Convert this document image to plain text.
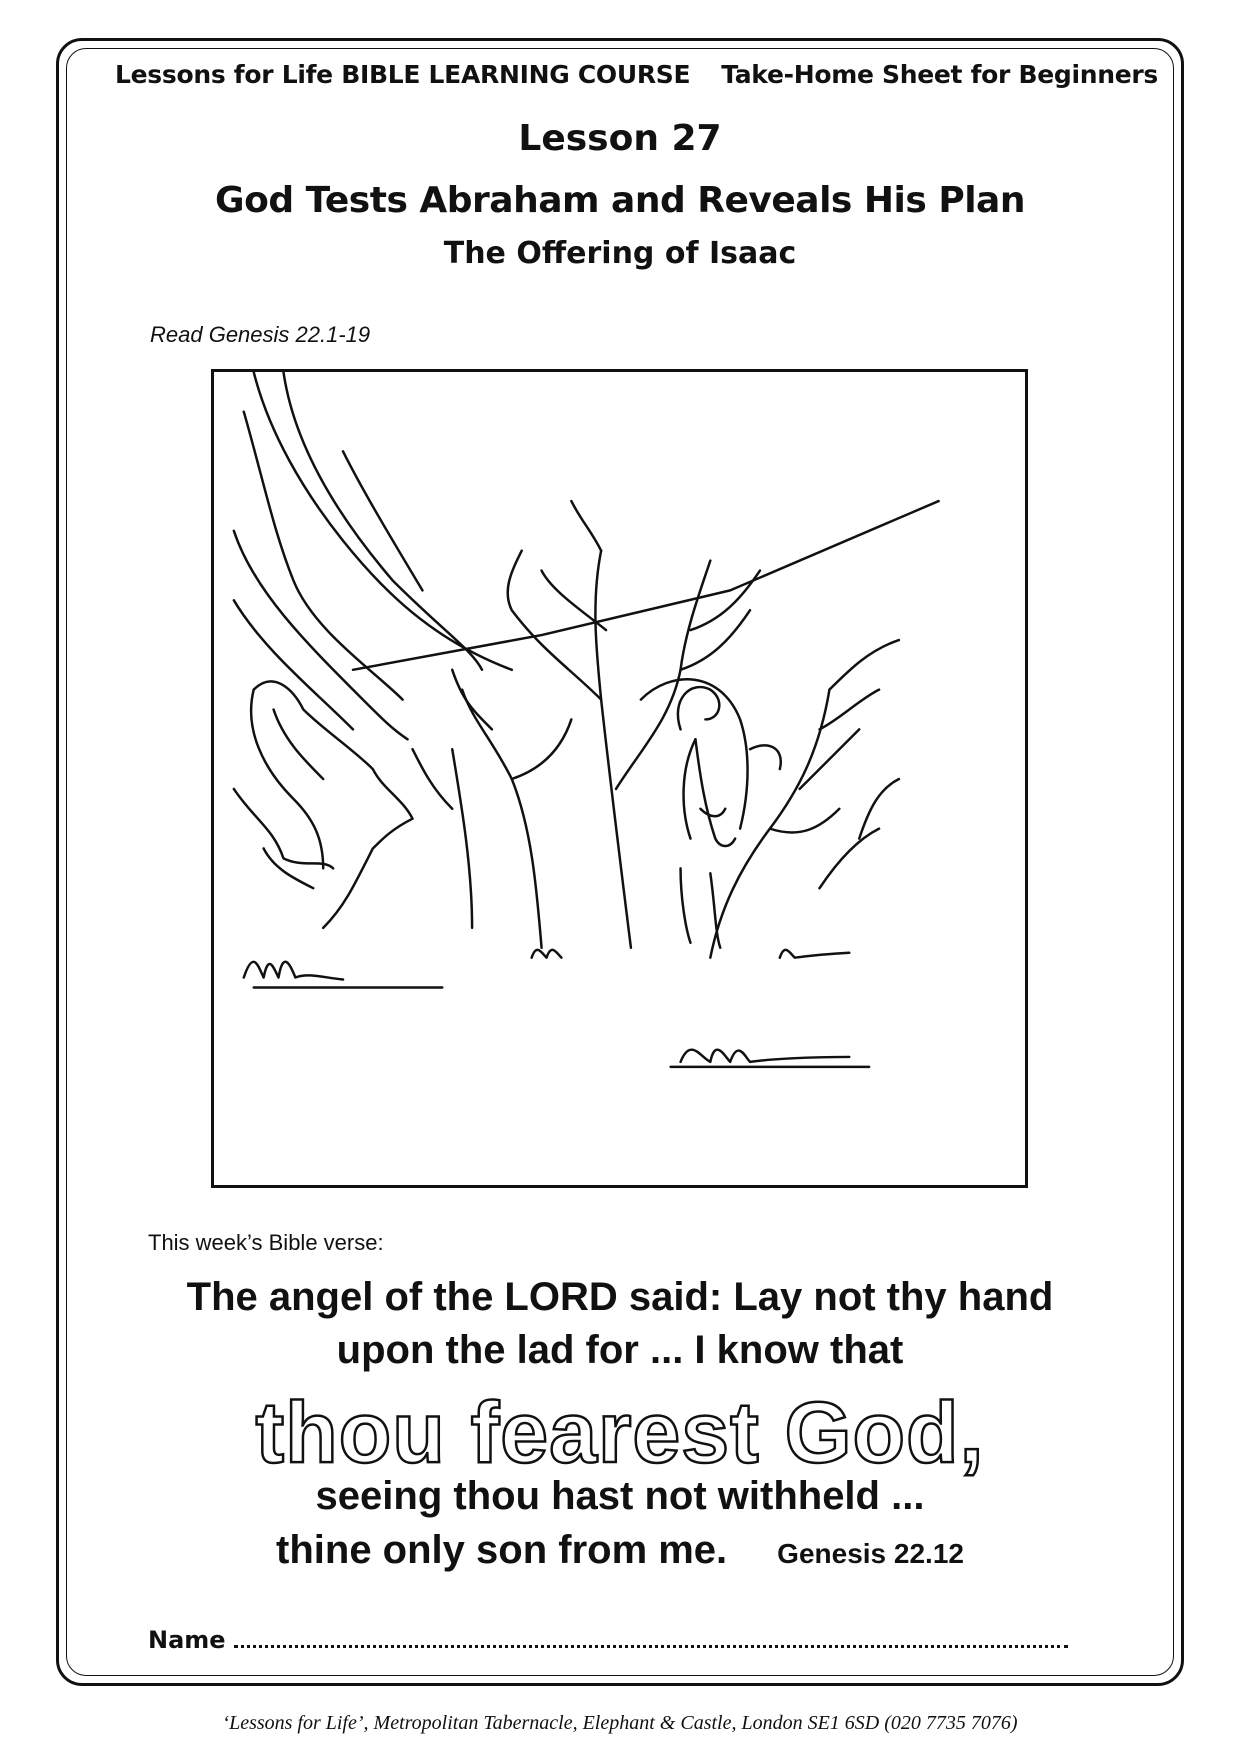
Lessons for Life BIBLE LEARNING COURSE Take-Home Sheet for Beginners
Lesson 27
God Tests Abraham and Reveals His Plan
The Offering of Isaac
Read Genesis 22.1-19
This week’s Bible verse:
The angel of the LORD said: Lay not thy hand
upon the lad for ... I know that
thou fearest God,
seeing thou hast not withheld ...
thine only son from me. Genesis 22.12
Name
‘Lessons for Life’, Metropolitan Tabernacle, Elephant & Castle, London SE1 6SD (020 7735 7076)
